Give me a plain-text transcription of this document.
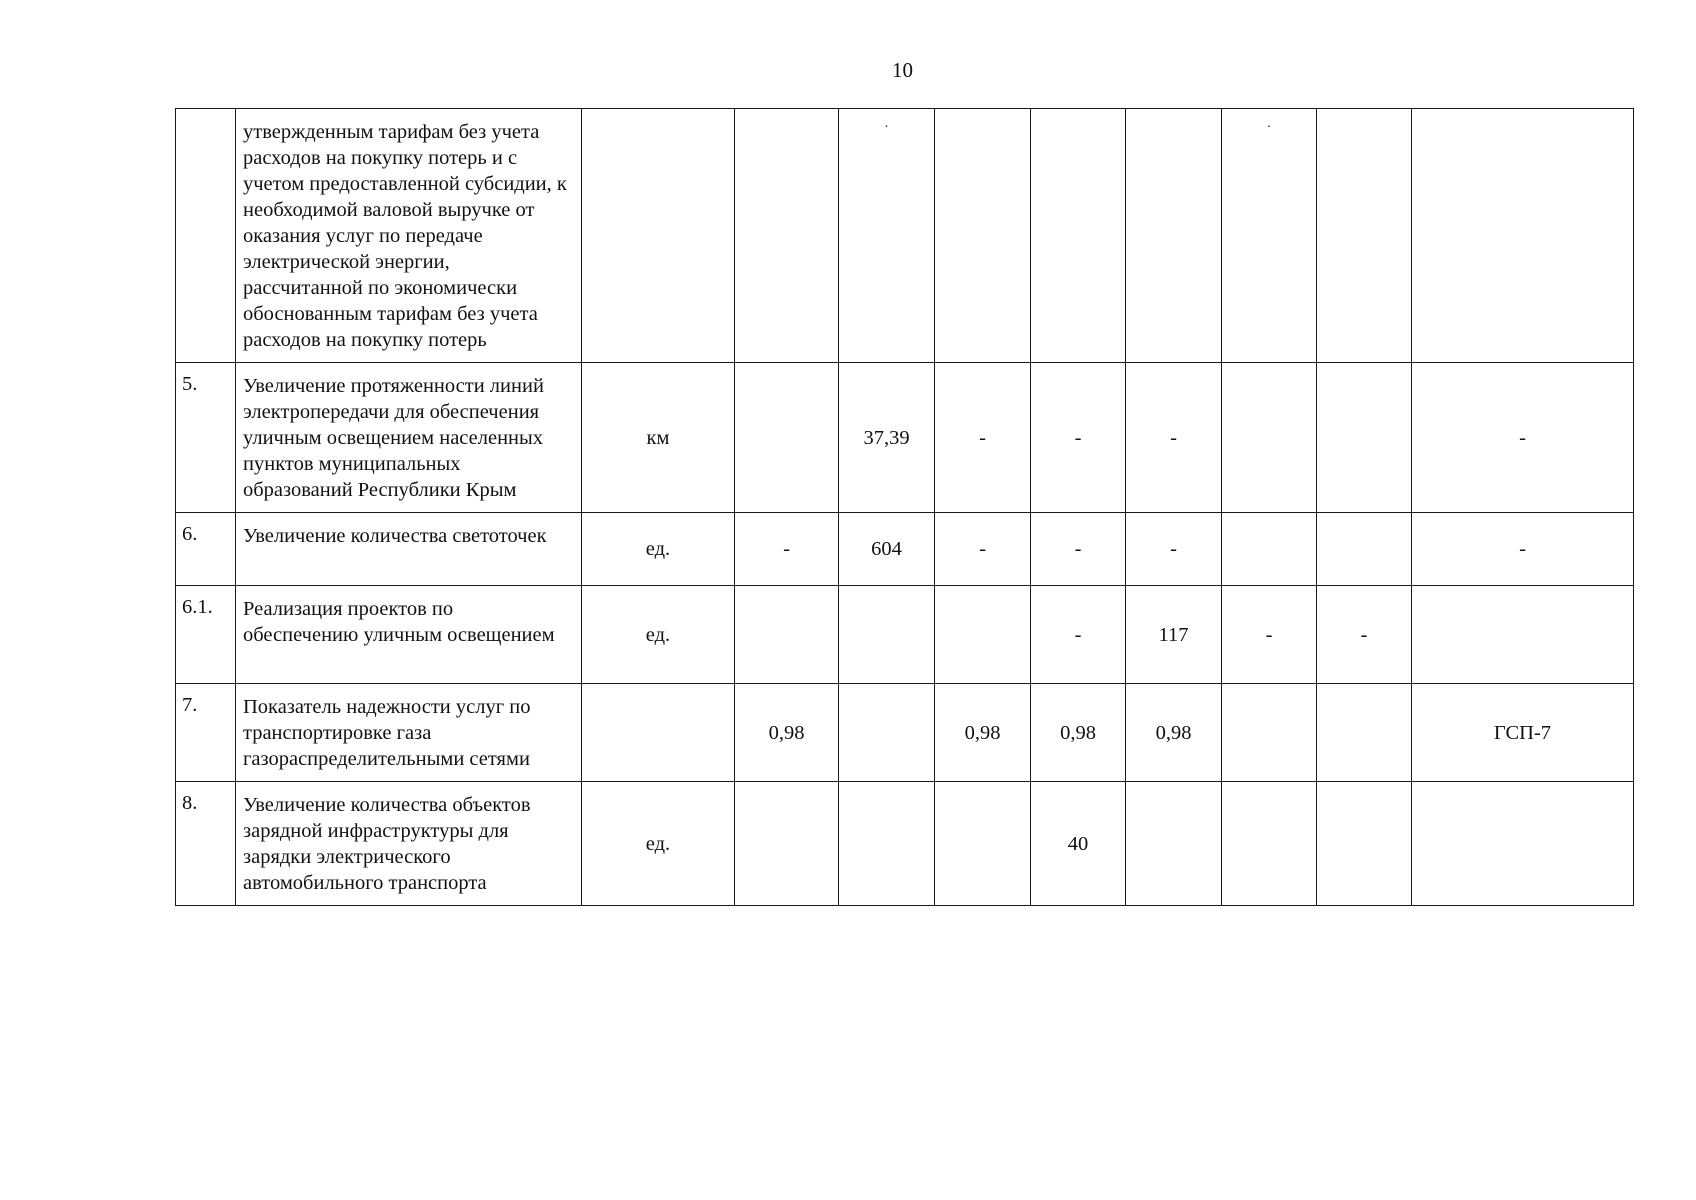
10
	утвержденным тарифам без учета расходов на покупку потерь и с учетом предоставленной субсидии, к необходимой валовой выручке от оказания услуг по передаче электрической энергии, рассчитанной по экономически обоснованным тарифам без учета расходов на покупку потерь			·				·		

5.	Увеличение протяженности линий электропередачи для обеспечения уличным освещением населенных пунктов муниципальных образований Республики Крым	км		37,39	-	-	-			-
6.	Увеличение количества светоточек	ед.	-	604	-	-	-			-
6.1.	Реализация проектов по обеспечению уличным освещением	ед.				-	117	-	-	
7.	Показатель надежности услуг по транспортировке газа газораспределительными сетями		0,98		0,98	0,98	0,98			ГСП-7
8.	Увеличение количества объектов зарядной инфраструктуры для зарядки электрического автомобильного транспорта	ед.				40				
